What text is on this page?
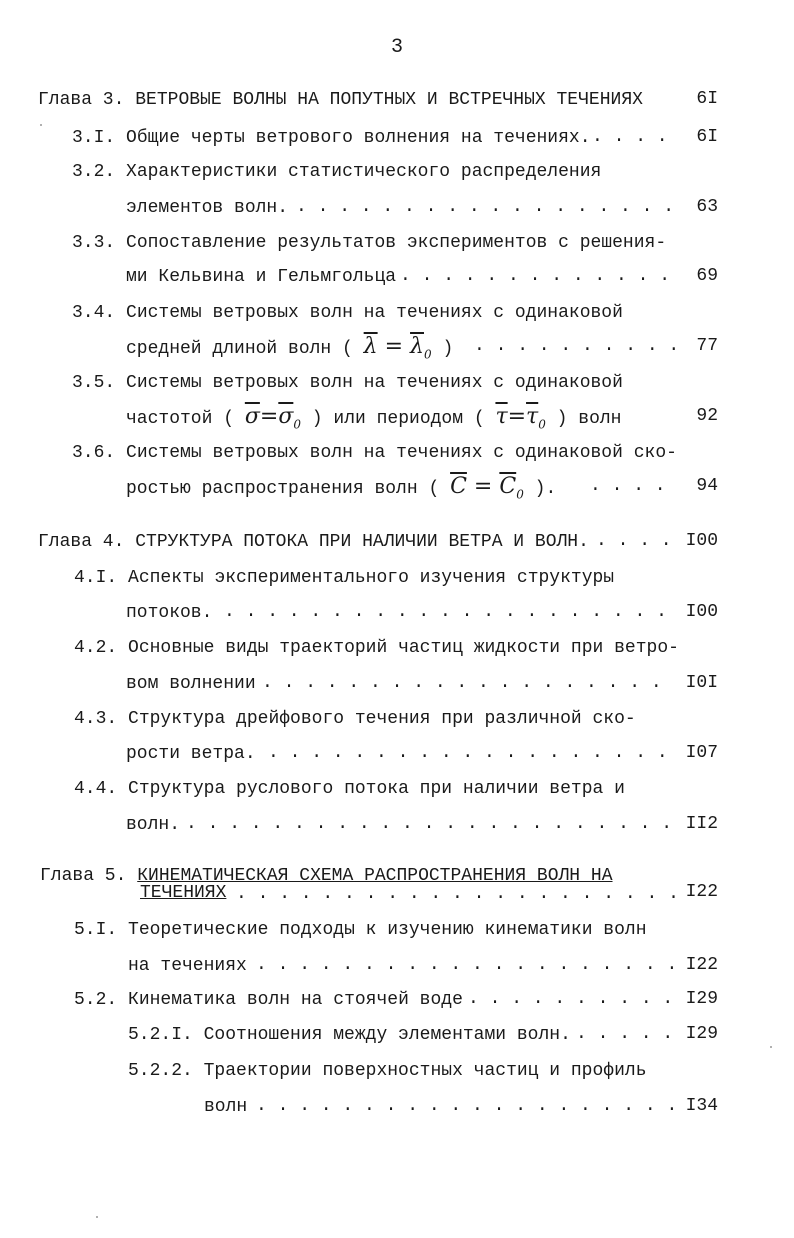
3
Глава 3. ВЕТРОВЫЕ ВОЛНЫ НА ПОПУТНЫХ И ВСТРЕЧНЫХ ТЕЧЕНИЯХ	6I
3.I. Общие черты ветрового волнения на течениях. . . .	6I
3.2. Характеристики статистического распределения
элементов волн. . . .	63
3.3. Сопоставление результатов экспериментов с решения-
ми Кельвина и Гельмгольца . . .	69
3.4. Системы ветровых волн на течениях с одинаковой
средней длиной волн ( $\overline{\lambda} = \overline{\lambda}_0$ ) . . .	77
3.5. Системы ветровых волн на течениях с одинаковой
частотой ( $\overline{\sigma}=\overline{\sigma}_0$ ) или периодом ( $\overline{\tau}=\overline{\tau}_0$ ) волн	92
3.6. Системы ветровых волн на течениях с одинаковой ско-
ростью распространения волн ( $\overline{C} = \overline{C}_0$ ). . . .	94
Глава 4. СТРУКТУРА ПОТОКА ПРИ НАЛИЧИИ ВЕТРА И ВОЛН. . . .	I00
4.I. Аспекты экспериментального изучения структуры
потоков. . . .	I00
4.2. Основные виды траекторий частиц жидкости при ветро-
вом волнении . . .	I0I
4.3. Структура дрейфового течения при различной ско-
рости ветра. . . .	I07
4.4. Структура руслового потока при наличии ветра и
волн. . . .	II2
Глава 5. КИНЕМАТИЧЕСКАЯ СХЕМА РАСПРОСТРАНЕНИЯ ВОЛН НА
ТЕЧЕНИЯХ . . .	I22
5.I. Теоретические подходы к изучению кинематики волн
на течениях . . .	I22
5.2. Кинематика волн на стоячей воде . . .	I29
5.2.I. Соотношения между элементами волн. . . .	I29
5.2.2. Траектории поверхностных частиц и профиль
волн . . .	I34
